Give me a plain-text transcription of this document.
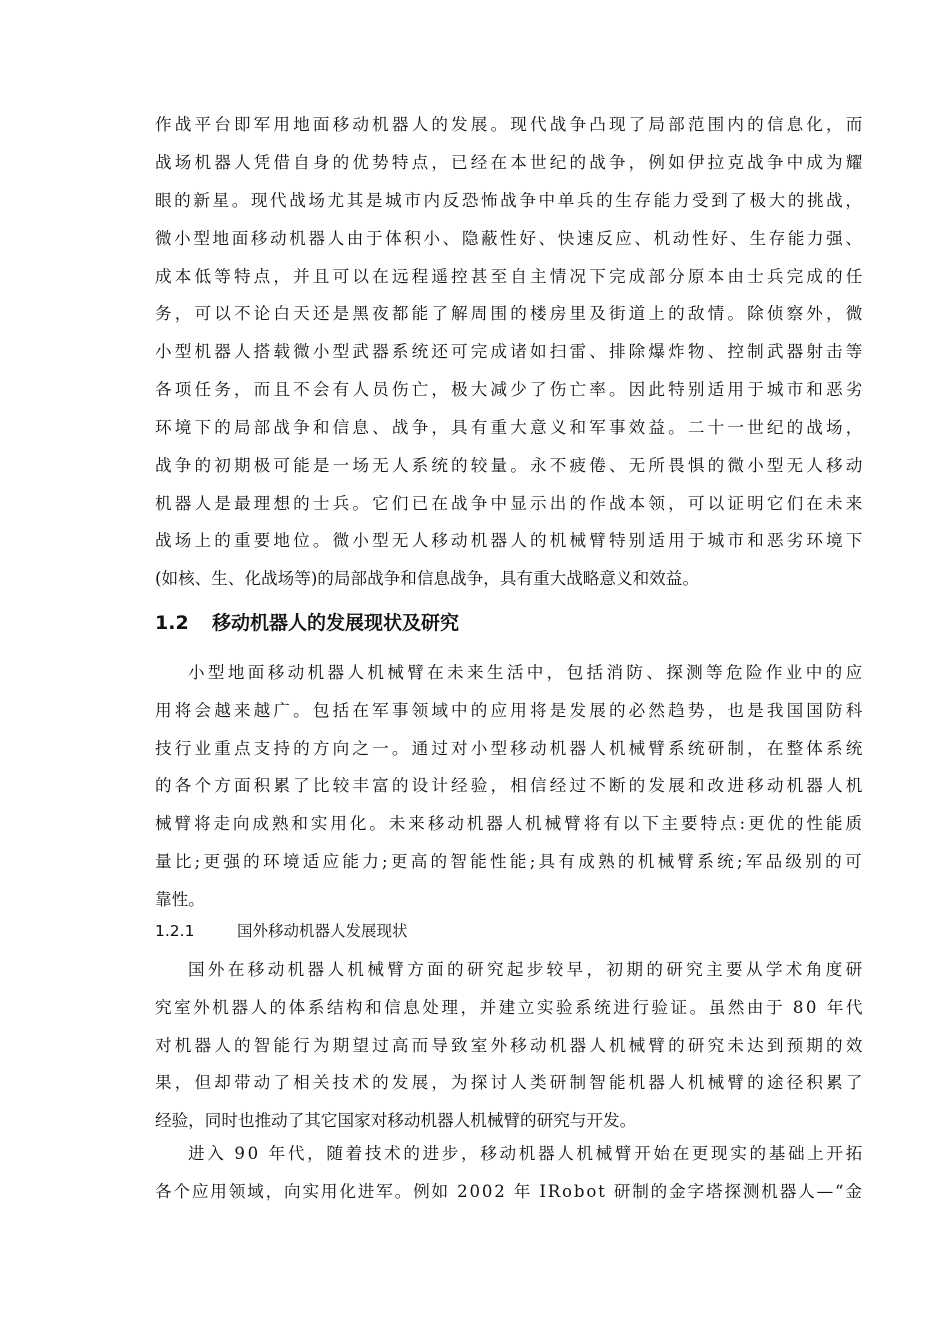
作战平台即军用地面移动机器人的发展。现代战争凸现了局部范围内的信息化，而
战场机器人凭借自身的优势特点，已经在本世纪的战争，例如伊拉克战争中成为耀
眼的新星。现代战场尤其是城市内反恐怖战争中单兵的生存能力受到了极大的挑战，
微小型地面移动机器人由于体积小、隐蔽性好、快速反应、机动性好、生存能力强、
成本低等特点，并且可以在远程遥控甚至自主情况下完成部分原本由士兵完成的任
务，可以不论白天还是黑夜都能了解周围的楼房里及街道上的敌情。除侦察外，微
小型机器人搭载微小型武器系统还可完成诸如扫雷、排除爆炸物、控制武器射击等
各项任务，而且不会有人员伤亡，极大减少了伤亡率。因此特别适用于城市和恶劣
环境下的局部战争和信息、战争，具有重大意义和军事效益。二十一世纪的战场，
战争的初期极可能是一场无人系统的较量。永不疲倦、无所畏惧的微小型无人移动
机器人是最理想的士兵。它们已在战争中显示出的作战本领，可以证明它们在未来
战场上的重要地位。微小型无人移动机器人的机械臂特别适用于城市和恶劣环境下
(如核、生、化战场等)的局部战争和信息战争，具有重大战略意义和效益。
1.2 移动机器人的发展现状及研究
小型地面移动机器人机械臂在未来生活中，包括消防、探测等危险作业中的应
用将会越来越广。包括在军事领域中的应用将是发展的必然趋势，也是我国国防科
技行业重点支持的方向之一。通过对小型移动机器人机械臂系统研制，在整体系统
的各个方面积累了比较丰富的设计经验，相信经过不断的发展和改进移动机器人机
械臂将走向成熟和实用化。未来移动机器人机械臂将有以下主要特点:更优的性能质
量比;更强的环境适应能力;更高的智能性能;具有成熟的机械臂系统;军品级别的可
靠性。
1.2.1	国外移动机器人发展现状
国外在移动机器人机械臂方面的研究起步较早，初期的研究主要从学术角度研
究室外机器人的体系结构和信息处理，并建立实验系统进行验证。虽然由于 80 年代
对机器人的智能行为期望过高而导致室外移动机器人机械臂的研究未达到预期的效
果，但却带动了相关技术的发展，为探讨人类研制智能机器人机械臂的途径积累了
经验，同时也推动了其它国家对移动机器人机械臂的研究与开发。
进入 90 年代，随着技术的进步，移动机器人机械臂开始在更现实的基础上开拓
各个应用领域，向实用化进军。例如 2002 年 IRobot 研制的金字塔探测机器人—“金
